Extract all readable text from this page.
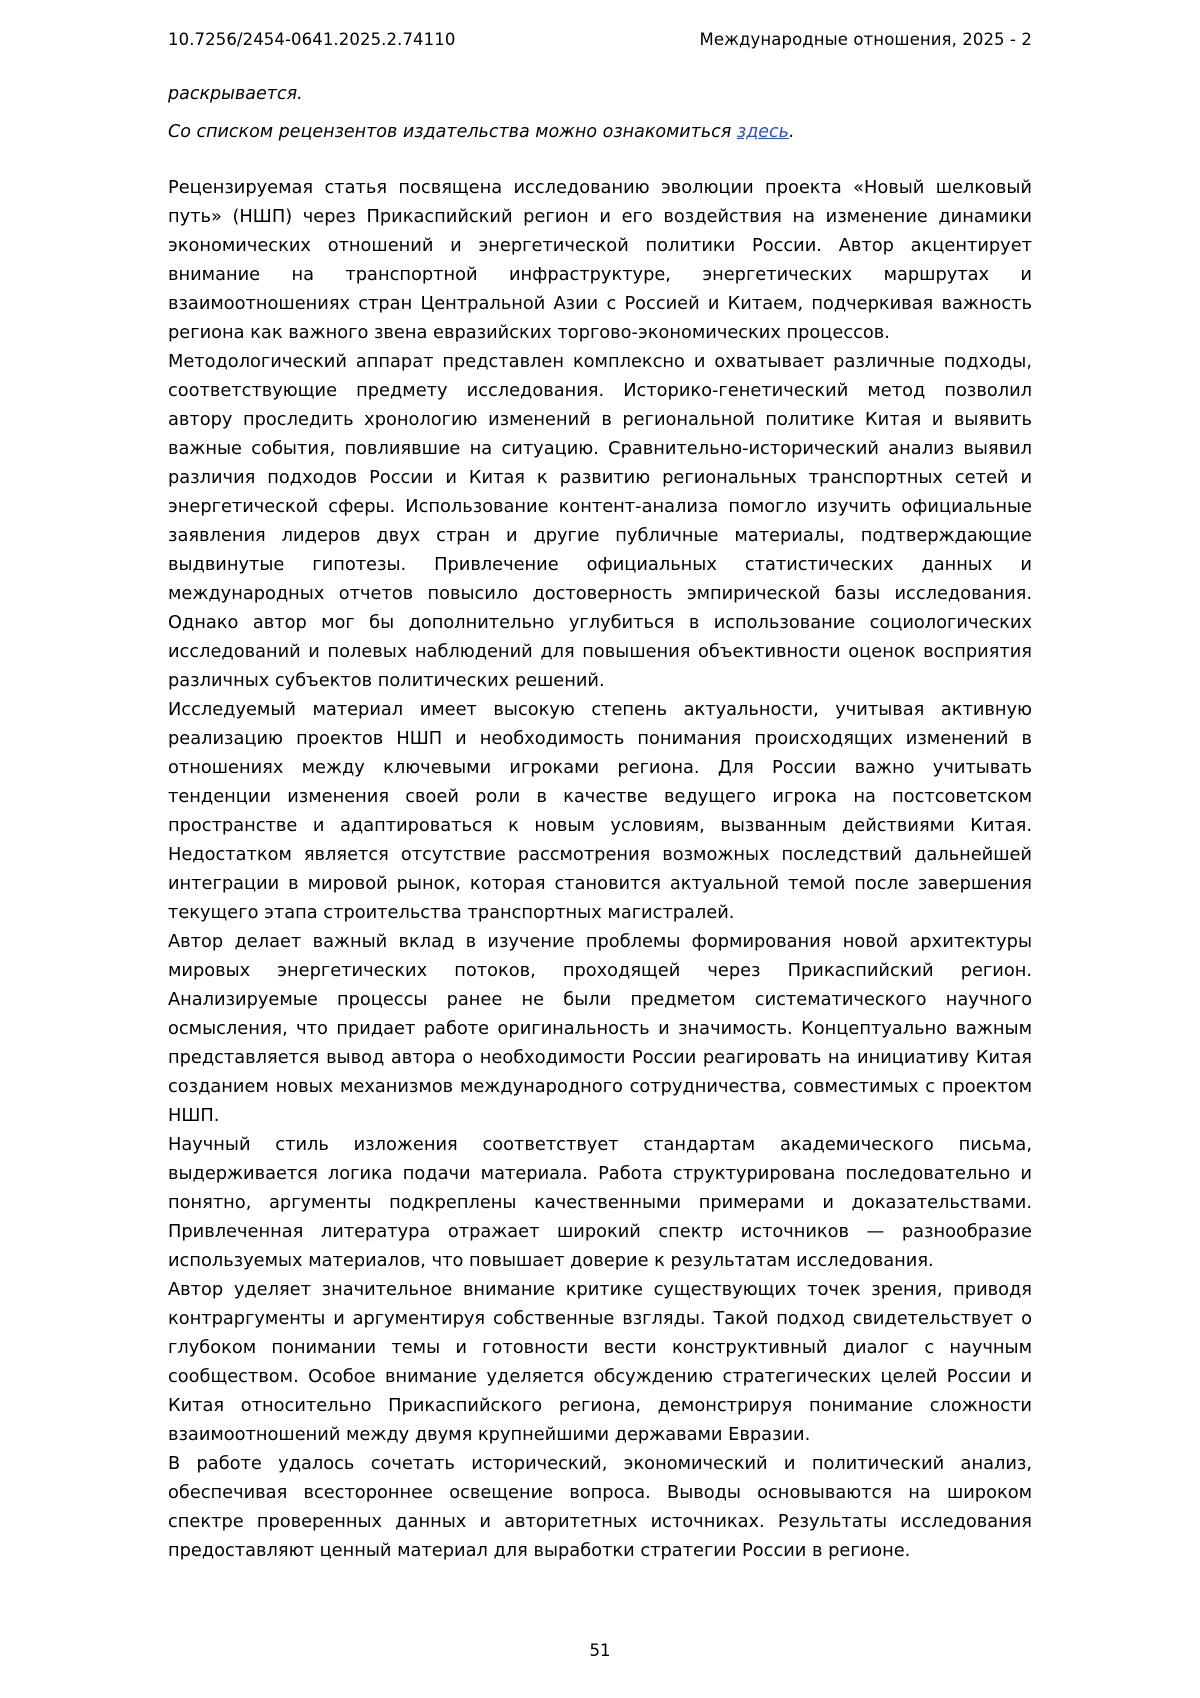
10.7256/2454-0641.2025.2.74110	Международные отношения, 2025 - 2

раскрывается.

Со списком рецензентов издательства можно ознакомиться здесь.

Рецензируемая статья посвящена исследованию эволюции проекта «Новый шелковый путь» (НШП) через Прикаспийский регион и его воздействия на изменение динамики экономических отношений и энергетической политики России. Автор акцентирует внимание на транспортной инфраструктуре, энергетических маршрутах и взаимоотношениях стран Центральной Азии с Россией и Китаем, подчеркивая важность региона как важного звена евразийских торгово-экономических процессов.

Методологический аппарат представлен комплексно и охватывает различные подходы, соответствующие предмету исследования. Историко-генетический метод позволил автору проследить хронологию изменений в региональной политике Китая и выявить важные события, повлиявшие на ситуацию. Сравнительно-исторический анализ выявил различия подходов России и Китая к развитию региональных транспортных сетей и энергетической сферы. Использование контент-анализа помогло изучить официальные заявления лидеров двух стран и другие публичные материалы, подтверждающие выдвинутые гипотезы. Привлечение официальных статистических данных и международных отчетов повысило достоверность эмпирической базы исследования. Однако автор мог бы дополнительно углубиться в использование социологических исследований и полевых наблюдений для повышения объективности оценок восприятия различных субъектов политических решений.

Исследуемый материал имеет высокую степень актуальности, учитывая активную реализацию проектов НШП и необходимость понимания происходящих изменений в отношениях между ключевыми игроками региона. Для России важно учитывать тенденции изменения своей роли в качестве ведущего игрока на постсоветском пространстве и адаптироваться к новым условиям, вызванным действиями Китая. Недостатком является отсутствие рассмотрения возможных последствий дальнейшей интеграции в мировой рынок, которая становится актуальной темой после завершения текущего этапа строительства транспортных магистралей.

Автор делает важный вклад в изучение проблемы формирования новой архитектуры мировых энергетических потоков, проходящей через Прикаспийский регион. Анализируемые процессы ранее не были предметом систематического научного осмысления, что придает работе оригинальность и значимость. Концептуально важным представляется вывод автора о необходимости России реагировать на инициативу Китая созданием новых механизмов международного сотрудничества, совместимых с проектом НШП.

Научный стиль изложения соответствует стандартам академического письма, выдерживается логика подачи материала. Работа структурирована последовательно и понятно, аргументы подкреплены качественными примерами и доказательствами. Привлеченная литература отражает широкий спектр источников — разнообразие используемых материалов, что повышает доверие к результатам исследования.

Автор уделяет значительное внимание критике существующих точек зрения, приводя контраргументы и аргументируя собственные взгляды. Такой подход свидетельствует о глубоком понимании темы и готовности вести конструктивный диалог с научным сообществом. Особое внимание уделяется обсуждению стратегических целей России и Китая относительно Прикаспийского региона, демонстрируя понимание сложности взаимоотношений между двумя крупнейшими державами Евразии.

В работе удалось сочетать исторический, экономический и политический анализ, обеспечивая всестороннее освещение вопроса. Выводы основываются на широком спектре проверенных данных и авторитетных источниках. Результаты исследования предоставляют ценный материал для выработки стратегии России в регионе.

51
